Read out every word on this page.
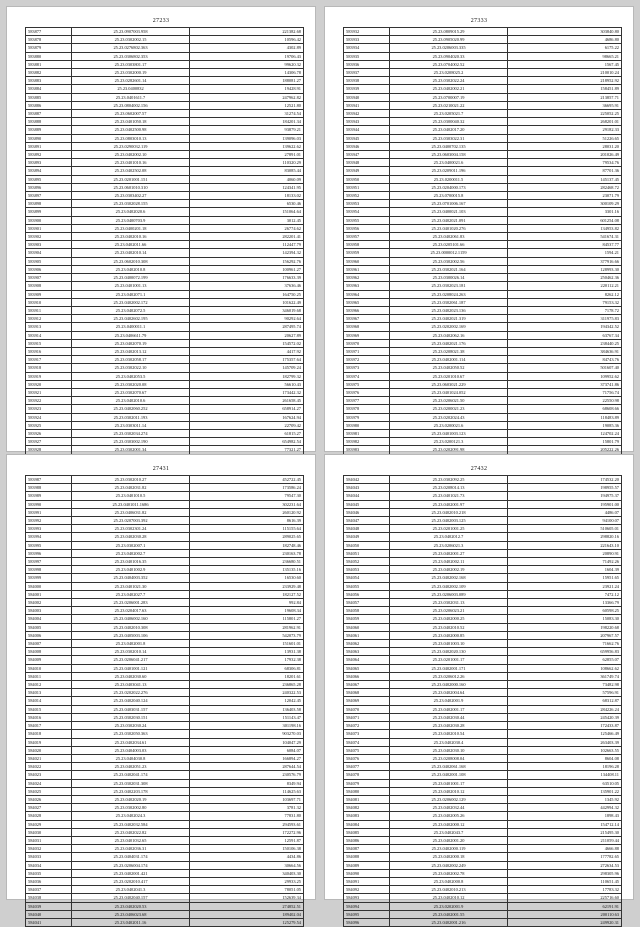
27233
583877	25.23.0907003.958	221382.68
583878	25.23.0302002.15	10596.42
583879	25.23.0276802.363	4302.89
583880	25.23.0306802.353	19706.43
583881	25.23.0303801.17	99620.32
583882	25.23.0302000.19	14306.78
583883	25.23.0282601.14	188081.27
583884	25.23.0400832	19428.91
583885	25.23.0401611.7	247962.82
583886	25.23.0804002.156	12521.80
583887	25.23.0602007.57	31274.54
583888	25.23.0401050.18	184201.34
583889	25.23.0402500.98	93879.21
583890	25.23.0803010.13	139096.03
583891	25.23.0290032.119	139622.62
583892	25.23.0402002.10	27891.01
583893	25.23.0401010.16	110320.29
583894	25.23.0402502.08	83085.44
583895	25.23.0201001.151	4060.09
583896	25.23.0601010.310	124341.95
583897	25.23.0303402.27	18133.02
583898	25.23.0302028.155	6530.46
583899	25.23.0402020.6	151064.64
583900	25.23.0400703.9	3012.45
583901	25.23.0400201.18	26774.62
583902	25.23.0402010.16	282201.41
583903	25.23.0402011.66	112447.79
583904	25.23.0402010.14	142394.32
583905	25.23.0602010.308	156292.76
583906	25.23.0402010.8	100961.27
583907	25.23.0400072.199	176633.39
583908	25.23.0401001.13	37636.46
583909	25.23.0402071.1	164750.25
583910	25.23.0402002.172	101622.49
583911	25.23.0402072.5	346019.68
583912	25.23.0402602.195	90292.64
583913	25.23.0400011.1	287495.74
583914	25.23.0406611.79	20627.89
583915	25.23.0402070.19	154572.02
583916	25.23.0402013.12	4417.92
583917	25.23.0302058.17	175357.64
583918	25.23.0302022.10	145709.24
583919	25.23.0402053.5	182799.32
583920	25.23.0302020.08	56610.43
583921	25.23.0302070.67	173442.32
583922	25.23.0402010.6	261658.45
583923	25.23.0402060.252	658914.27
583924	25.23.0302011.193	167624.94
583925	25.23.0303011.14	22709.42
583926	25.23.0302034.274	61815.27
583927	25.23.0303002.190	654982.54
583928	25.23.0302001.34	77321.27

27333
583932	25.23.0809015.29	303840.80
583933	25.23.0905020.99	4686.80
583934	25.23.0206003.335	6175.22
583935	25.23.0904020.33	98665.21
583936	25.23.0704002.52	1567.45
583937	25.23.0208025.2	210010.24
583938	25.23.0302022.24	218952.92
583939	25.23.0402002.21	158451.89
583940	25.23.0700007.19	213857.71
583941	25.23.0210021.22	36695.91
583942	25.23.0205021.7	225052.25
583943	25.23.0300040.32	268201.01
583944	25.23.0402017.20	29182.33
583945	25.23.0303022.31	51226.65
583946	25.23.0400702.135	28031.20
583947	25.23.0603004.158	201026.49
583948	25.23.0400021.6	79534.76
583949	25.23.0209011.196	87701.36
583950	25.23.0200011.5	145137.45
583951	25.23.0204000.173	282468.72
583952	25.23.0700015.8	23071.79
583953	25.23.0701006.167	300109.29
583954	25.23.0400021.103	3301.16
583955	25.23.0402021.091	601254.08
583956	25.23.0401020.276	134953.82
583957	25.23.0402061.83	541674.31
583958	25.23.0205101.66	84537.77
583959	25.23.0000012.1159	1594.21
583960	25.23.0302002.56	377916.66
583961	25.23.0302021.164	128993.30
583962	25.23.0300026.14	250462.36
583963	25.23.0302023.181	220112.21
583964	25.23.0208024.263	8262.12
583965	25.23.0302061.187	79153.32
583966	25.23.0402023.136	7178.72
583967	25.23.0402021.319	311975.83
583968	25.23.0202002.169	194342.52
583969	25.23.0402062.16	63767.34
583970	25.23.0402021.176	238440.25
583971	25.23.0208021.38	384636.91
583972	25.23.0402001.114	84743.76
583973	25.23.0402050.52	501607.40
583974	25.23.0201010.67	109952.62
583975	25.23.0603021.229	373741.86
583976	25.23.0401024.052	71756.74
583977	25.23.0206021.50	22550.98
583978	25.23.0200021.23	68608.66
583979	25.23.0202024.43	118483.89
583980	25.23.0200021.6	19085.36
583981	25.23.0401003.123	124702.24
583982	25.23.0200121.3	15801.79
583983	25.23.0202091.98	205222.26

27431
583987	25.23.0302010.27	452722.45
583988	25.23.0402031.82	173586.24
583989	25.23.0401010.5	79547.30
583990	25.23.0401011.1686	302231.64
583991	25.23.0406031.82	260120.92
583992	25.23.0207003.392	8616.39
583993	25.23.0302301.24	115155.64
583994	25.23.0402030.28	289025.65
583995	25.23.0302007.1	182748.46
583996	25.23.0402002.7	230163.78
583997	25.23.0401016.35	236680.51
583998	25.23.0401002.9	135135.16
583999	25.23.0404003.352	16530.60
584000	25.23.0401021.30	233929.48
584001	25.23.0402027.7	182127.52
584002	25.23.0206001.283	992.84
584003	25.23.0204017.63	19608.34
584004	25.23.0406002.160	115801.27
584005	25.23.0402010.308	281962.91
584006	25.23.0405003.106	542073.79
584007	25.23.0402001.8	151601.01
584008	25.23.0302010.14	13931.38
584009	25.23.0206041.217	17932.38
584010	25.23.0401001.121	68306.81
584011	25.23.0402030.60	18201.61
584012	25.23.0403041.13	236865.28
584013	25.23.0202022.276	240322.53
584014	25.23.0402040.124	12042.45
584015	25.23.0403031.157	136403.58
584016	25.23.0302030.151	151143.47
584017	25.23.0302030.24	301198.16
584018	25.23.0302050.363	903270.03
584019	25.23.0402034.61	104047.29
584020	25.23.0404003.03	6084.07
584021	25.23.0404030.8	166894.27
584022	25.23.0402051.23	287644.54
584023	25.23.0402041.174	230576.79
584024	25.23.0302031.308	8349.94
584025	25.23.0402203.178	114625.63
584026	25.23.0402020.19	103697.71
584027	25.23.0302002.80	3781.32
584028	25.23.0402024.3	77831.80
584029	25.23.0402032.584	294593.61
584030	25.23.0402022.82	172272.96
584031	25.23.0401032.65	12591.87
584032	25.23.0402036.31	150106.38
584033	25.23.0404031.174	4434.86
584034	25.23.0206004.174	30664.56
584035	25.23.0402001.421	340403.30
584036	25.23.0202010.417	29933.25
584037	25.23.0402041.3	78051.05
584038	25.23.0402040.157	152639.34
584039	25.23.0402020.53	274852.51
584040	25.23.0406023.68	189402.04
584041	25.23.0402011.16	125279.54
27432
584042	25.23.0302092.25	174532.20
584043	25.23.0208014.13	198955.57
584044	25.23.0401021.73	194975.37
584045	25.23.0402001.97	195901.00
584046	25.23.0402010.218	4486.07
584047	25.23.0402003.125	94100.07
584048	25.23.0201001.25	510605.01
584049	25.23.0402012.7	298820.16
584050	25.23.0206021.3	221643.10
584051	25.23.0402001.27	20890.91
584052	25.23.0402002.11	71492.26
584053	25.23.0402002.19	1604.39
584054	25.23.0402002.168	15951.65
584055	25.23.0402002.109	23921.24
584056	25.23.0206003.089	7472.12
584057	25.23.0302031.13	13366.79
584058	25.23.0206023.21	60598.25
584059	25.23.0402000.25	15083.30
584060	25.23.0402010.52	198220.68
584061	25.23.0402000.85	207967.57
584062	25.23.0401003.10	71662.76
584063	25.23.0402020.130	659956.83
584064	25.23.0201001.17	62855.07
584065	25.23.0402001.171	108662.62
584066	25.23.0206012.26	361749.74
584067	25.23.0402000.160	73482.98
584068	25.23.0402004.64	57596.91
584069	25.23.0402001.9	68312.87
584070	25.23.0402001.17	284226.24
584071	25.23.0402030.44	245420.39
584072	25.23.0402030.28	172433.87
584073	25.23.0402010.54	125466.49
584074	25.23.0402030.4	263403.39
584075	25.23.0402030.10	102663.55
584076	25.23.0208008.04	8604.08
584077	25.23.0402061.168	18196.28
584078	25.23.0402001.108	134408.11
584079	25.23.0401001.17	63510.05
584080	25.23.0402010.12	135901.22
584081	25.23.0206002.129	1345.92
584082	25.23.0402032.44	442994.32
584083	25.23.0402005.26	1898.43
584084	25.23.0402000.12	154712.14
584085	25.23.0402043.7	215495.30
584086	25.23.0402001.20	211059.44
584087	25.23.0402000.119	4666.88
584088	25.23.0402000.18	177782.65
584089	25.23.0402002.249	272634.53
584090	25.23.0402002.78	298305.96
584091	25.23.0402000.8	110651.45
584092	25.23.0402010.213	17783.32
584093	25.23.0402010.12	225716.60
584094	25.23.0202001.9	62191.91
584095	25.23.0402001.55	200110.63
584096	25.23.0402001.216	249920.31
